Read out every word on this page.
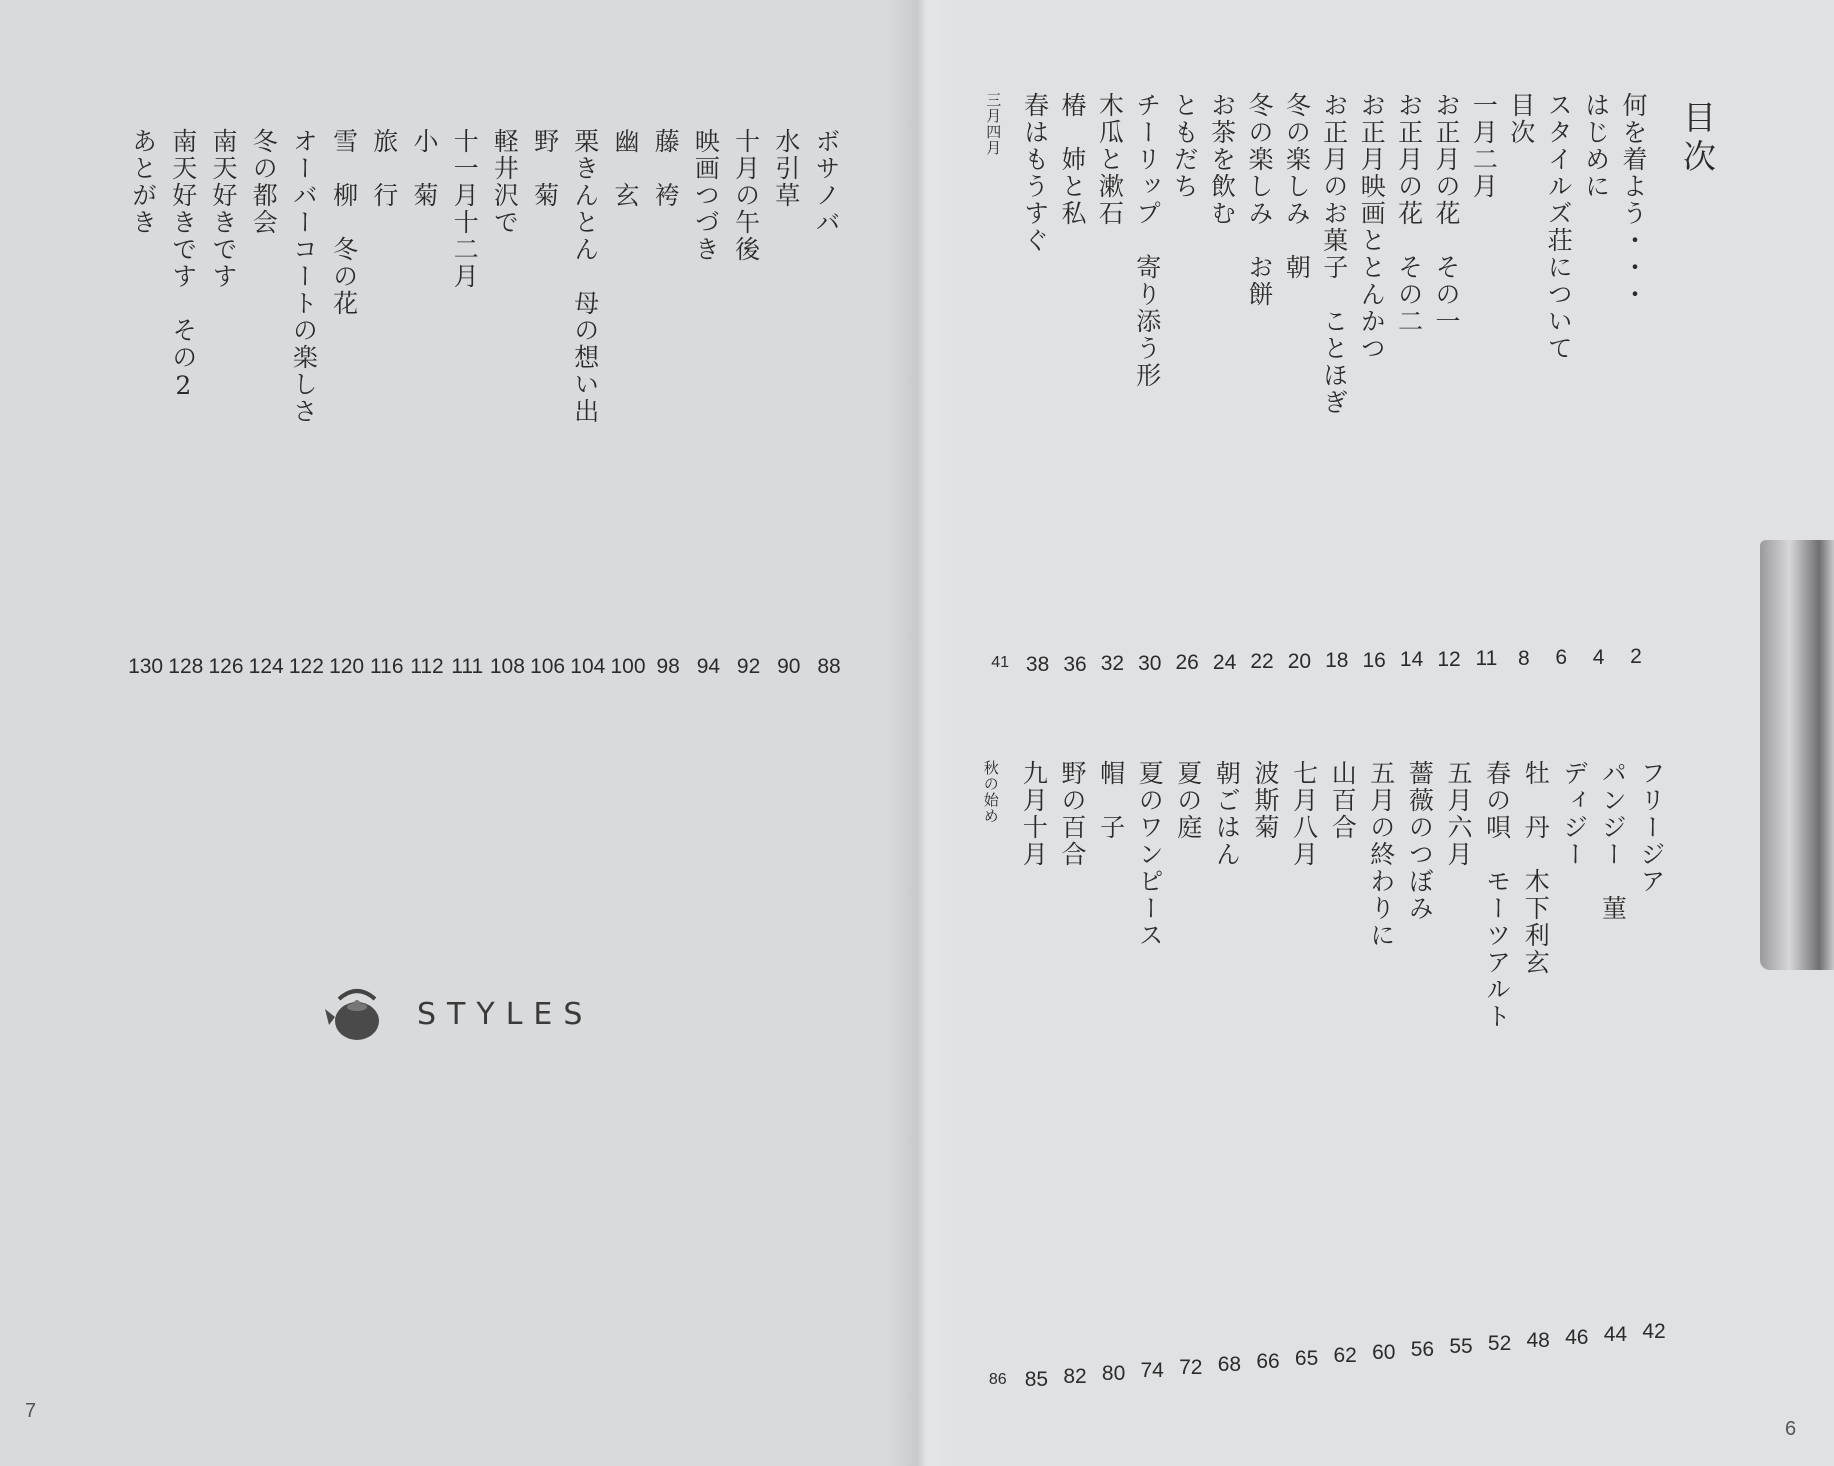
目次
何を着よう・・・
2
はじめに
4
スタイルズ荘について
6
目次
8
一月二月
11
お正月の花　その一
12
お正月の花　その二
14
お正月映画ととんかつ
16
お正月のお菓子　ことほぎ
18
冬の楽しみ　朝
20
冬の楽しみ　お餅
22
お茶を飲む
24
ともだち
26
チーリップ　寄り添う形
30
木瓜と漱石
32
椿　姉と私
36
春はもうすぐ
38
三月四月
41
フリージア
42
パンジー　菫
44
ディジー
46
牡　丹　木下利玄
48
春の唄　モーツアルト
52
五月六月
55
薔薇のつぼみ
56
五月の終わりに
60
山百合
62
七月八月
65
波斯菊
66
朝ごはん
68
夏の庭
72
夏のワンピース
74
帽　子
80
野の百合
82
九月十月
85
秋の始め
86
ボサノバ
88
水引草
90
十月の午後
92
映画つづき
94
藤　袴
98
幽　玄
100
栗きんとん　母の想い出
104
野　菊
106
軽井沢で
108
十一月十二月
111
小　菊
112
旅　行
116
雪　柳　冬の花
120
オーバーコートの楽しさ
122
冬の都会
124
南天好きです
126
南天好きです　その2
128
あとがき
130
STYLES
7
6
